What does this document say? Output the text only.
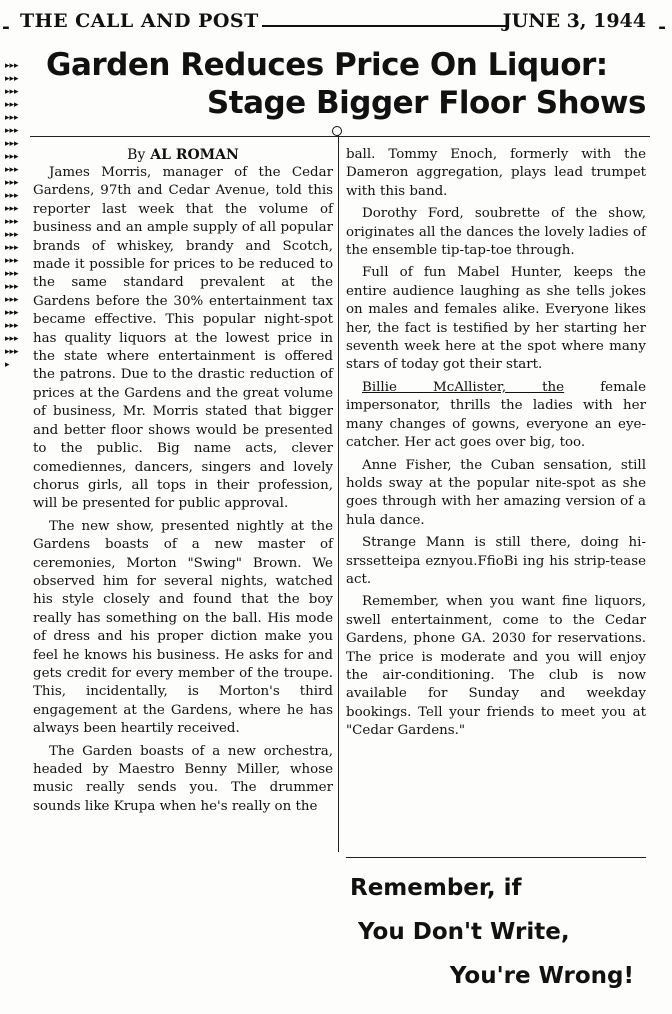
- THE CALL AND POST	JUNE 3, 1944 -
▸▸▸▸▸▸▸▸▸▸▸▸▸▸▸▸▸▸▸▸▸▸▸▸▸▸▸▸▸▸▸▸▸▸▸▸▸▸▸▸▸▸▸▸▸▸▸▸▸▸▸▸▸▸▸▸▸▸▸▸▸▸▸▸▸▸▸▸▸▸
Garden Reduces Price On Liquor:
Stage Bigger Floor Shows
By AL ROMAN

James Morris, manager of the Cedar Gardens, 97th and Cedar Avenue, told this reporter last week that the volume of business and an ample supply of all popular brands of whiskey, brandy and Scotch, made it possible for prices to be reduced to the same standard prevalent at the Gardens before the 30% entertainment tax became effective. This popular night-spot has quality liquors at the lowest price in the state where entertainment is offered the patrons. Due to the drastic reduction of prices at the Gardens and the great volume of business, Mr. Morris stated that bigger and better floor shows would be presented to the public. Big name acts, clever comediennes, dancers, singers and lovely chorus girls, all tops in their profession, will be presented for public approval.

The new show, presented nightly at the Gardens boasts of a new master of ceremonies, Morton "Swing" Brown. We observed him for several nights, watched his style closely and found that the boy really has something on the ball. His mode of dress and his proper diction make you feel he knows his business. He asks for and gets credit for every member of the troupe. This, incidentally, is Morton's third engagement at the Gardens, where he has always been heartily received.

The Garden boasts of a new orchestra, headed by Maestro Benny Miller, whose music really sends you. The drummer sounds like Krupa when he's really on the

ball. Tommy Enoch, formerly with the Dameron aggregation, plays lead trumpet with this band.

Dorothy Ford, soubrette of the show, originates all the dances the lovely ladies of the ensemble tip-tap-toe through.

Full of fun Mabel Hunter, keeps the entire audience laughing as she tells jokes on males and females alike. Everyone likes her, the fact is testified by her starting her seventh week here at the spot where many stars of today got their start.

Billie McAllister, the	female impersonator, thrills the ladies with her many changes of gowns, everyone an eye-catcher. Her act goes over big, too.

Anne Fisher, the Cuban sensation, still holds sway at the popular nite-spot as she goes through with her amazing version of a hula dance.

Strange Mann is still there, doing hi-srssetteipa eznyou.FfioBi ing his strip-tease act.

Remember, when you want fine liquors, swell entertainment, come to the Cedar Gardens, phone GA. 2030 for reservations. The price is moderate and you will enjoy the air-conditioning. The club is now available for Sunday and weekday bookings. Tell your friends to meet you at "Cedar Gardens."

Remember, if
You Don't Write,
You're Wrong!
